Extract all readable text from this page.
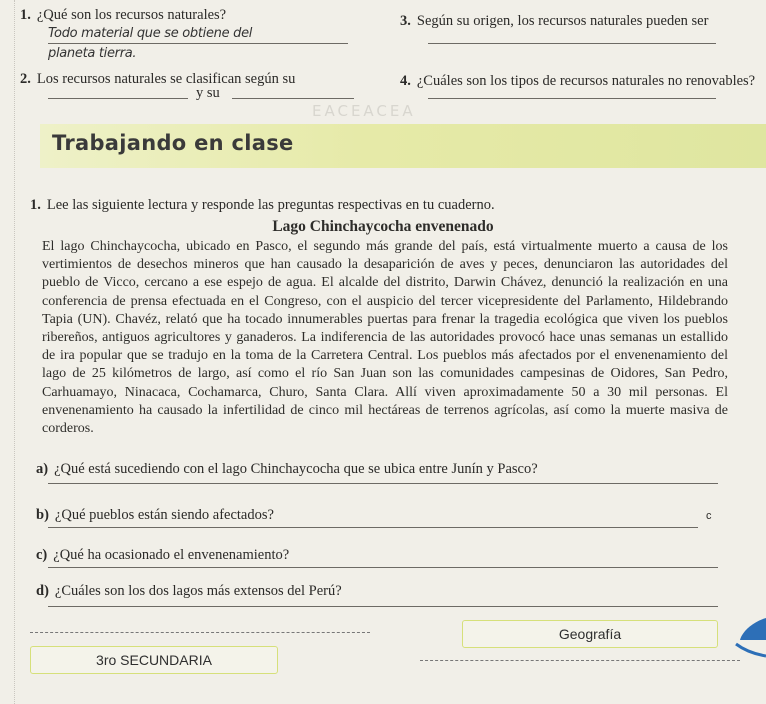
1. ¿Qué son los recursos naturales?
Todo material que se obtiene del
planeta tierra.
2. Los recursos naturales se clasifican según su
y su
3. Según su origen, los recursos naturales pueden ser
4. ¿Cuáles son los tipos de recursos naturales no renovables?
EACEACEA
Trabajando en clase
1. Lee las siguiente lectura y responde las preguntas respectivas en tu cuaderno.
Lago Chinchaycocha envenenado
El lago Chinchaycocha, ubicado en Pasco, el segundo más grande del país, está virtualmente muerto a causa de los vertimientos de desechos mineros que han causado la desaparición de aves y peces, denunciaron las autoridades del pueblo de Vicco, cercano a ese espejo de agua. El alcalde del distrito, Darwin Chávez, denunció la realización en una conferencia de prensa efectuada en el Congreso, con el auspicio del tercer vicepresidente del Parlamento, Hildebrando Tapia (UN). Chavéz, relató que ha tocado innumerables puertas para frenar la tragedia ecológica que viven los pueblos ribereños, antiguos agricultores y ganaderos. La indiferencia de las autoridades provocó hace unas semanas un estallido de ira popular que se tradujo en la toma de la Carretera Central. Los pueblos más afectados por el envenenamiento del lago de 25 kilómetros de largo, así como el río San Juan son las comunidades campesinas de Oidores, San Pedro, Carhuamayo, Ninacaca, Cochamarca, Churo, Santa Clara. Allí viven aproximadamente 50 a 30 mil personas. El envenenamiento ha causado la infertilidad de cinco mil hectáreas de terrenos agrícolas, así como la muerte masiva de corderos.
a) ¿Qué está sucediendo con el lago Chinchaycocha que se ubica entre Junín y Pasco?
b) ¿Qué pueblos están siendo afectados?	c
c) ¿Qué ha ocasionado el envenenamiento?
d) ¿Cuáles son los dos lagos más extensos del Perú?
Geografía
3ro SECUNDARIA
